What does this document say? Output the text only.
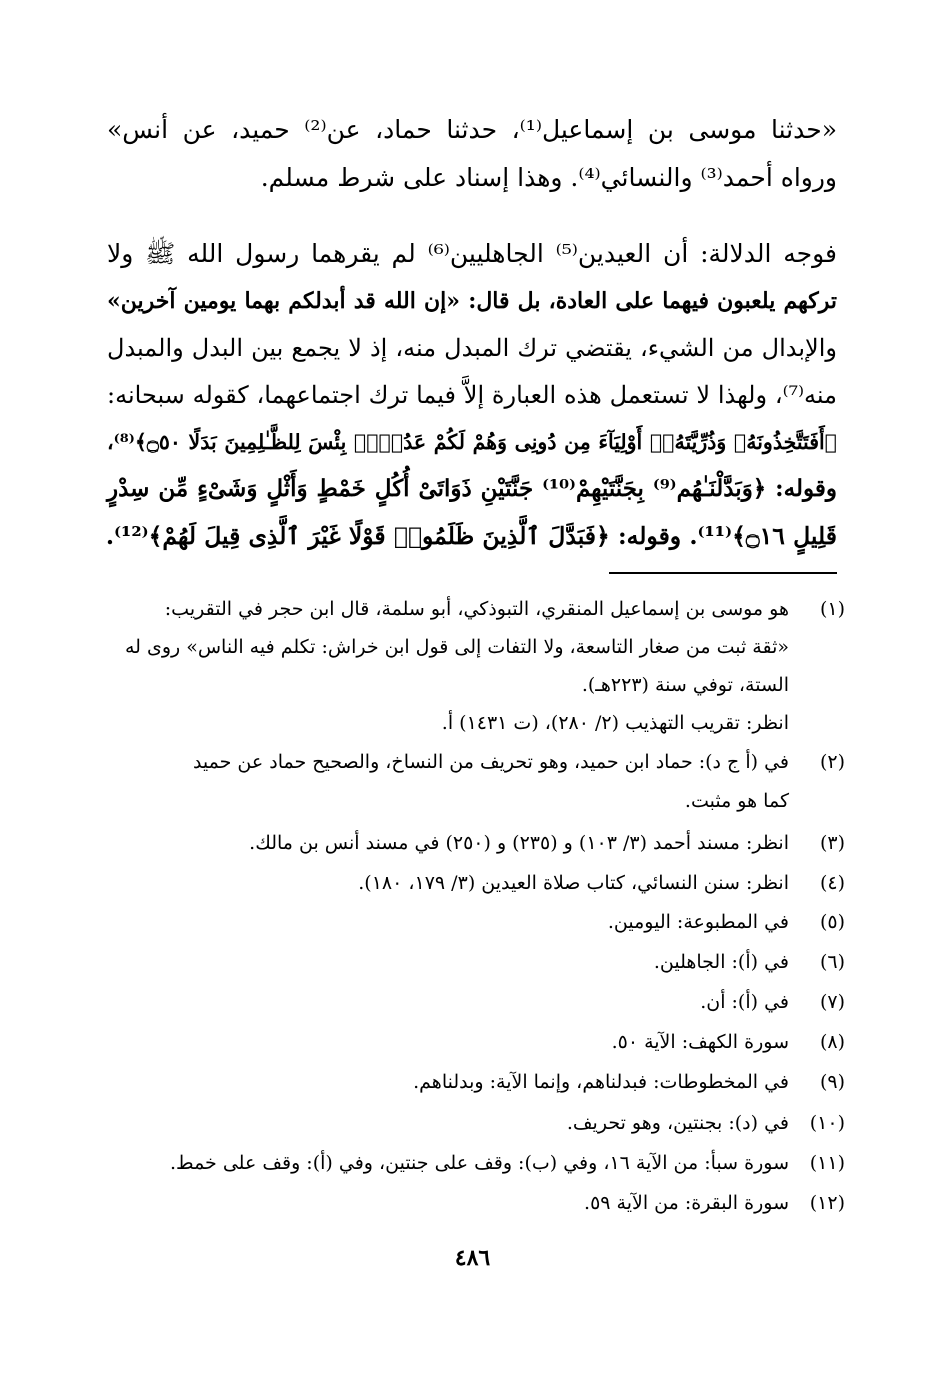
«حدثنا موسى بن إسماعيل⁽¹⁾، حدثنا حماد، عن⁽²⁾ حميد، عن أنس»
ورواه أحمد⁽³⁾ والنسائي⁽⁴⁾. وهذا إسناد على شرط مسلم.
فوجه الدلالة: أن العيدين⁽⁵⁾ الجاهليين⁽⁶⁾ لم يقرهما رسول الله ﷺ ولا
تركهم يلعبون فيهما على العادة، بل قال: «إن الله قد أبدلكم بهما يومين آخرين»
والإبدال من الشيء، يقتضي ترك المبدل منه، إذ لا يجمع بين البدل والمبدل
منه⁽⁷⁾، ولهذا لا تستعمل هذه العبارة إلاَّ فيما ترك اجتماعهما، كقوله سبحانه:
﴿أَفَتَتَّخِذُونَهُۥ وَذُرِّيَّتَهُۥٓ أَوْلِيَآءَ مِن دُونِى وَهُمْ لَكُمْ عَدُوٌّۢ بِئْسَ لِلظَّـٰلِمِينَ بَدَلًا ۝٥٠﴾⁽⁸⁾،
وقوله: ﴿وَبَدَّلْنَـٰهُم⁽⁹⁾ بِجَنَّتَيْهِمْ⁽¹⁰⁾ جَنَّتَيْنِ ذَوَاتَىْ أُكُلٍ خَمْطٍ وَأَثْلٍ وَشَىْءٍ مِّن سِدْرٍ
قَلِيلٍ ۝١٦﴾⁽¹¹⁾. وقوله: ﴿فَبَدَّلَ ٱلَّذِينَ ظَلَمُوا۟ قَوْلًا غَيْرَ ٱلَّذِى قِيلَ لَهُمْ﴾⁽¹²⁾.
(١)هو موسى بن إسماعيل المنقري، التبوذكي، أبو سلمة، قال ابن حجر في التقريب:
«ثقة ثبت من صغار التاسعة، ولا التفات إلى قول ابن خراش: تكلم فيه الناس» روى له
الستة، توفي سنة (٢٢٣هـ).
انظر: تقريب التهذيب (٢/ ٢٨٠)، (ت ١٤٣١) أ.
(٢)في (أ ج د): حماد ابن حميد، وهو تحريف من النساخ، والصحيح حماد عن حميد
كما هو مثبت.
(٣)انظر: مسند أحمد (٣/ ١٠٣) و (٢٣٥) و (٢٥٠) في مسند أنس بن مالك.
(٤)انظر: سنن النسائي، كتاب صلاة العيدين (٣/ ١٧٩، ١٨٠).
(٥)في المطبوعة: اليومين.
(٦)في (أ): الجاهلين.
(٧)في (أ): أن.
(٨)سورة الكهف: الآية ٥٠.
(٩)في المخطوطات: فبدلناهم، وإنما الآية: وبدلناهم.
(١٠)في (د): بجنتين، وهو تحريف.
(١١)سورة سبأ: من الآية ١٦، وفي (ب): وقف على جنتين، وفي (أ): وقف على خمط.
(١٢)سورة البقرة: من الآية ٥٩.
٤٨٦
